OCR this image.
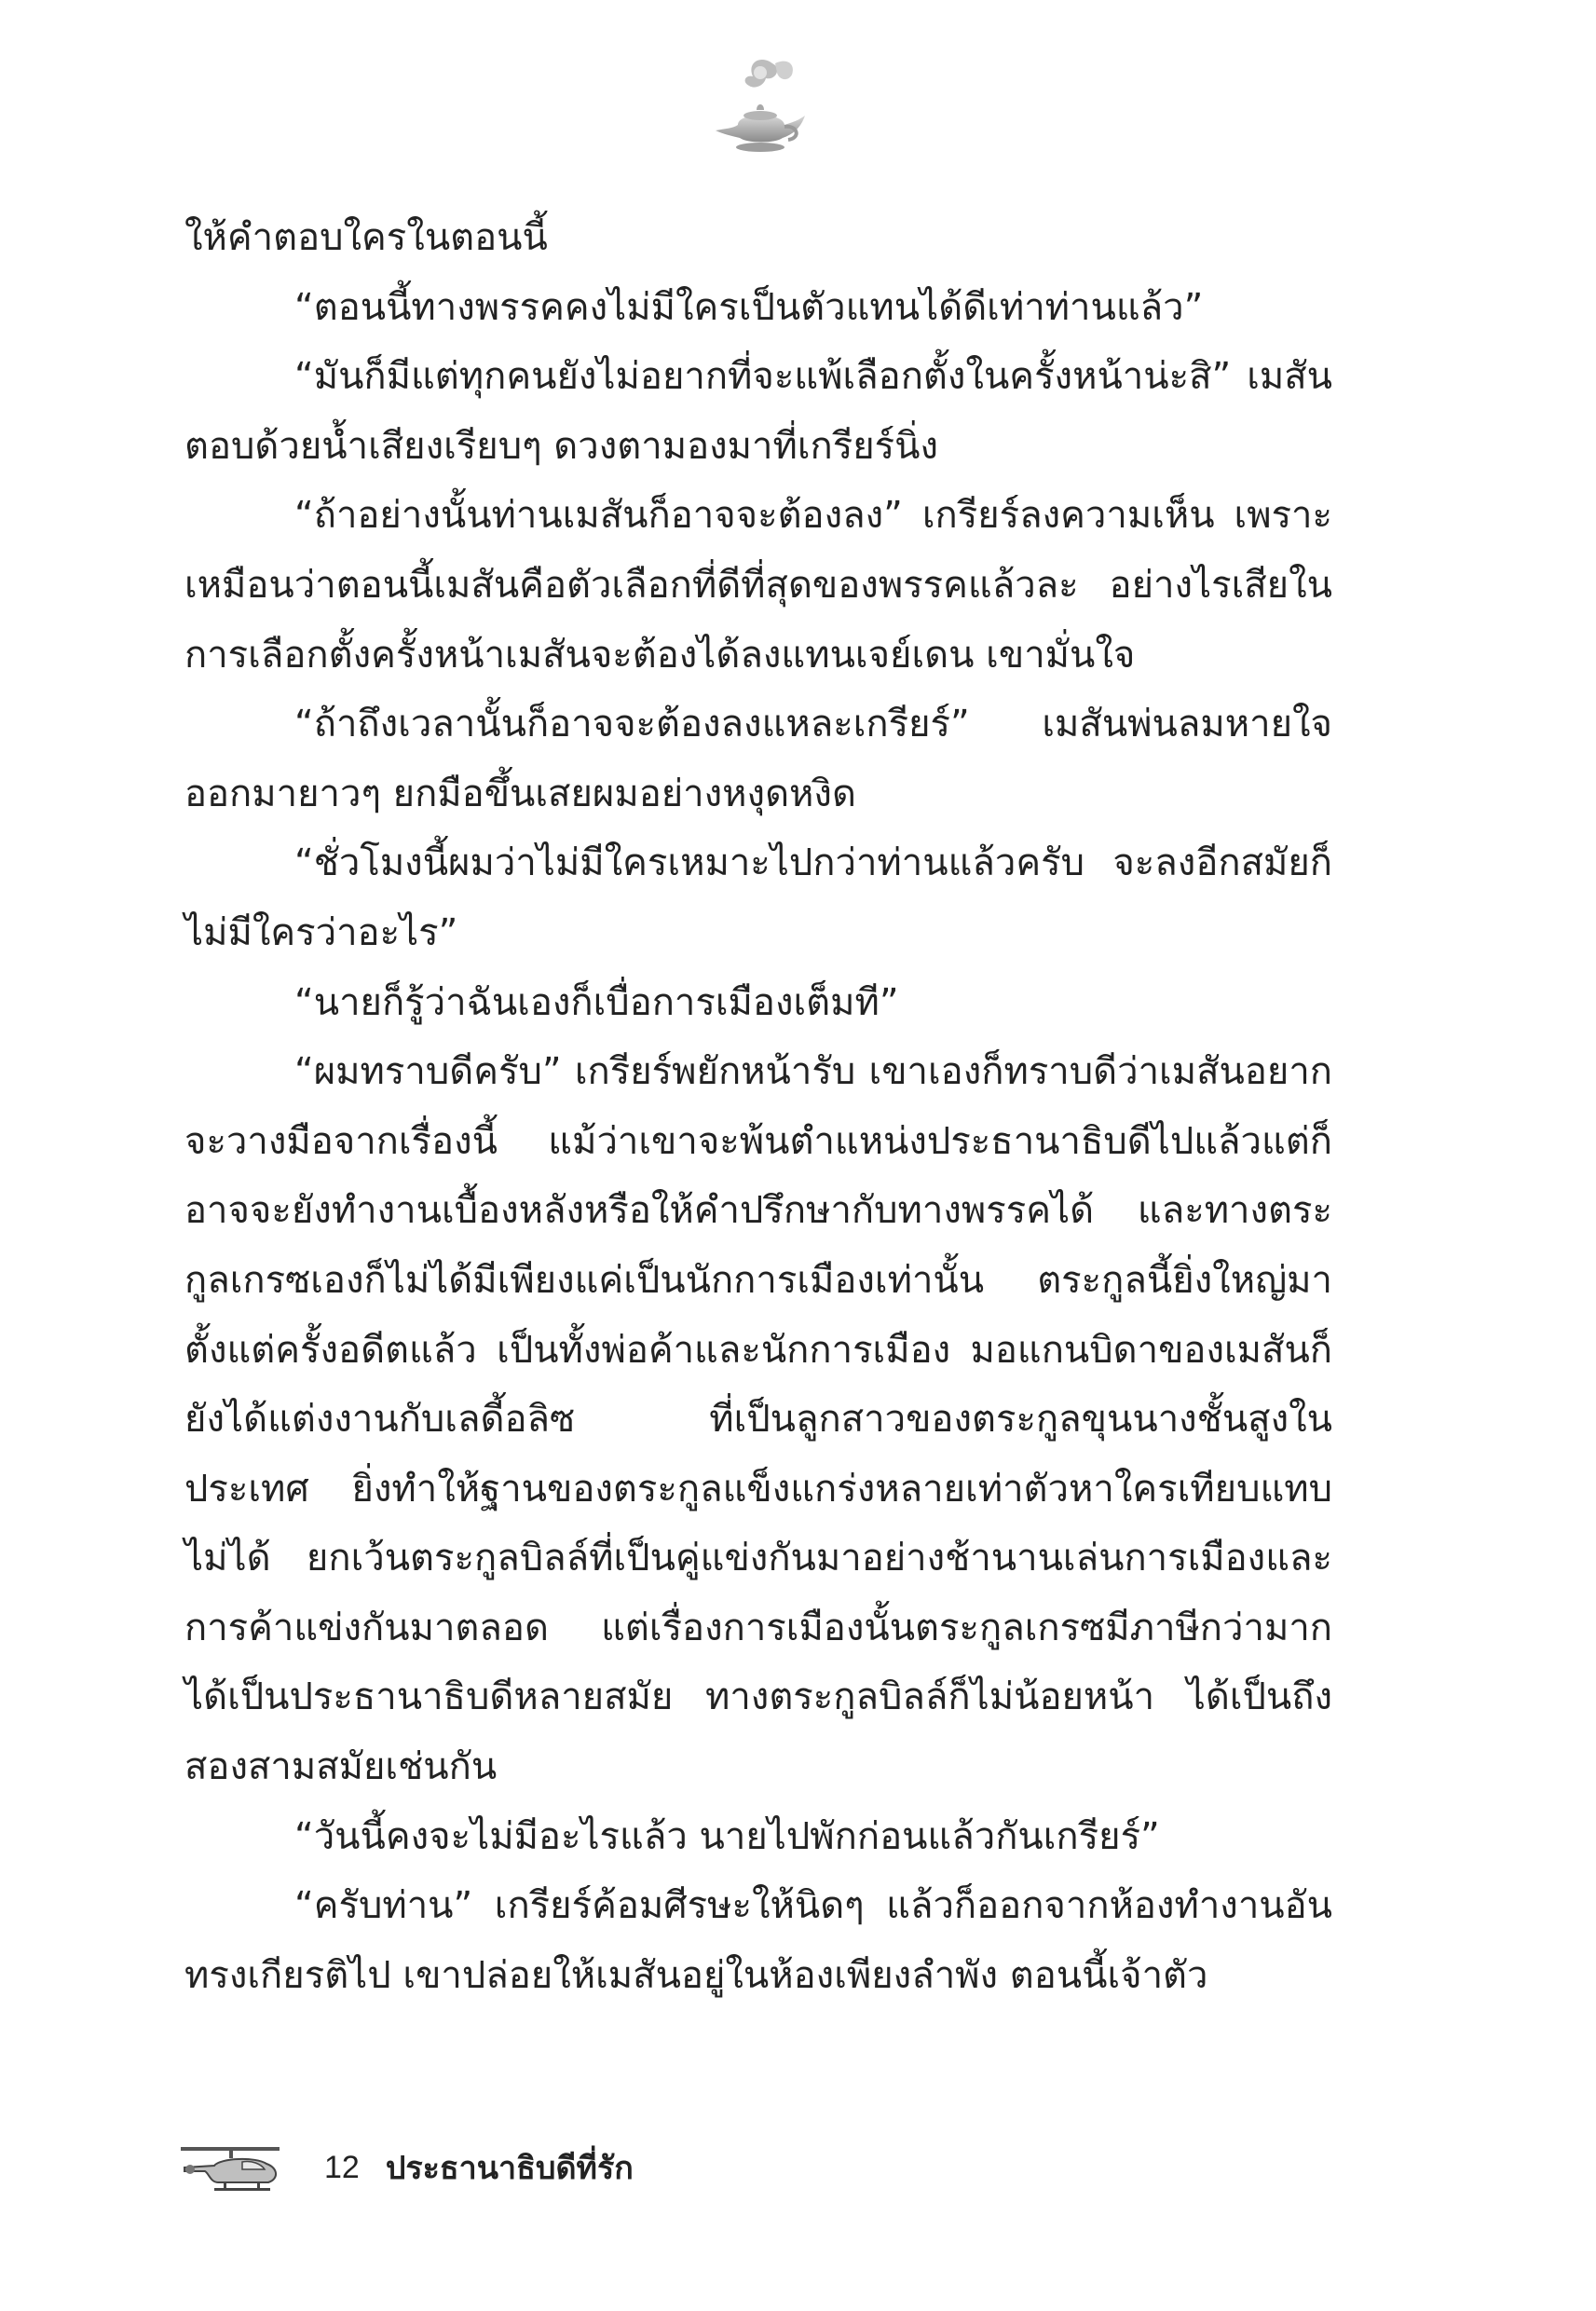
ให้คำตอบใครในตอนนี้

“ตอนนี้ทางพรรคคงไม่มีใครเป็นตัวแทนได้ดีเท่าท่านแล้ว”

“มันก็มีแต่ทุกคนยังไม่อยากที่จะแพ้เลือกตั้งในครั้งหน้าน่ะสิ” เมสันตอบด้วยน้ำเสียงเรียบๆ ดวงตามองมาที่เกรียร์นิ่ง

“ถ้าอย่างนั้นท่านเมสันก็อาจจะต้องลง” เกรียร์ลงความเห็น เพราะเหมือนว่าตอนนี้เมสันคือตัวเลือกที่ดีที่สุดของพรรคแล้วละ อย่างไรเสียในการเลือกตั้งครั้งหน้าเมสันจะต้องได้ลงแทนเจย์เดน เขามั่นใจ

“ถ้าถึงเวลานั้นก็อาจจะต้องลงแหละเกรียร์” เมสันพ่นลมหายใจออกมายาวๆ ยกมือขึ้นเสยผมอย่างหงุดหงิด

“ชั่วโมงนี้ผมว่าไม่มีใครเหมาะไปกว่าท่านแล้วครับ จะลงอีกสมัยก็ไม่มีใครว่าอะไร”

“นายก็รู้ว่าฉันเองก็เบื่อการเมืองเต็มที”

“ผมทราบดีครับ” เกรียร์พยักหน้ารับ เขาเองก็ทราบดีว่าเมสันอยากจะวางมือจากเรื่องนี้ แม้ว่าเขาจะพ้นตำแหน่งประธานาธิบดีไปแล้วแต่ก็อาจจะยังทำงานเบื้องหลังหรือให้คำปรึกษากับทางพรรคได้ และทางตระกูลเกรซเองก็ไม่ได้มีเพียงแค่เป็นนักการเมืองเท่านั้น ตระกูลนี้ยิ่งใหญ่มาตั้งแต่ครั้งอดีตแล้ว เป็นทั้งพ่อค้าและนักการเมือง มอแกนบิดาของเมสันก็ยังได้แต่งงานกับเลดี้อลิซ ที่เป็นลูกสาวของตระกูลขุนนางชั้นสูงในประเทศ ยิ่งทำให้ฐานของตระกูลแข็งแกร่งหลายเท่าตัวหาใครเทียบแทบไม่ได้ ยกเว้นตระกูลบิลล์ที่เป็นคู่แข่งกันมาอย่างช้านานเล่นการเมืองและการค้าแข่งกันมาตลอด แต่เรื่องการเมืองนั้นตระกูลเกรซมีภาษีกว่ามาก ได้เป็นประธานาธิบดีหลายสมัย ทางตระกูลบิลล์ก็ไม่น้อยหน้า ได้เป็นถึงสองสามสมัยเช่นกัน

“วันนี้คงจะไม่มีอะไรแล้ว นายไปพักก่อนแล้วกันเกรียร์”

“ครับท่าน” เกรียร์ค้อมศีรษะให้นิดๆ แล้วก็ออกจากห้องทำงานอันทรงเกียรติไป เขาปล่อยให้เมสันอยู่ในห้องเพียงลำพัง ตอนนี้เจ้าตัว

12 ประธานาธิบดีที่รัก
